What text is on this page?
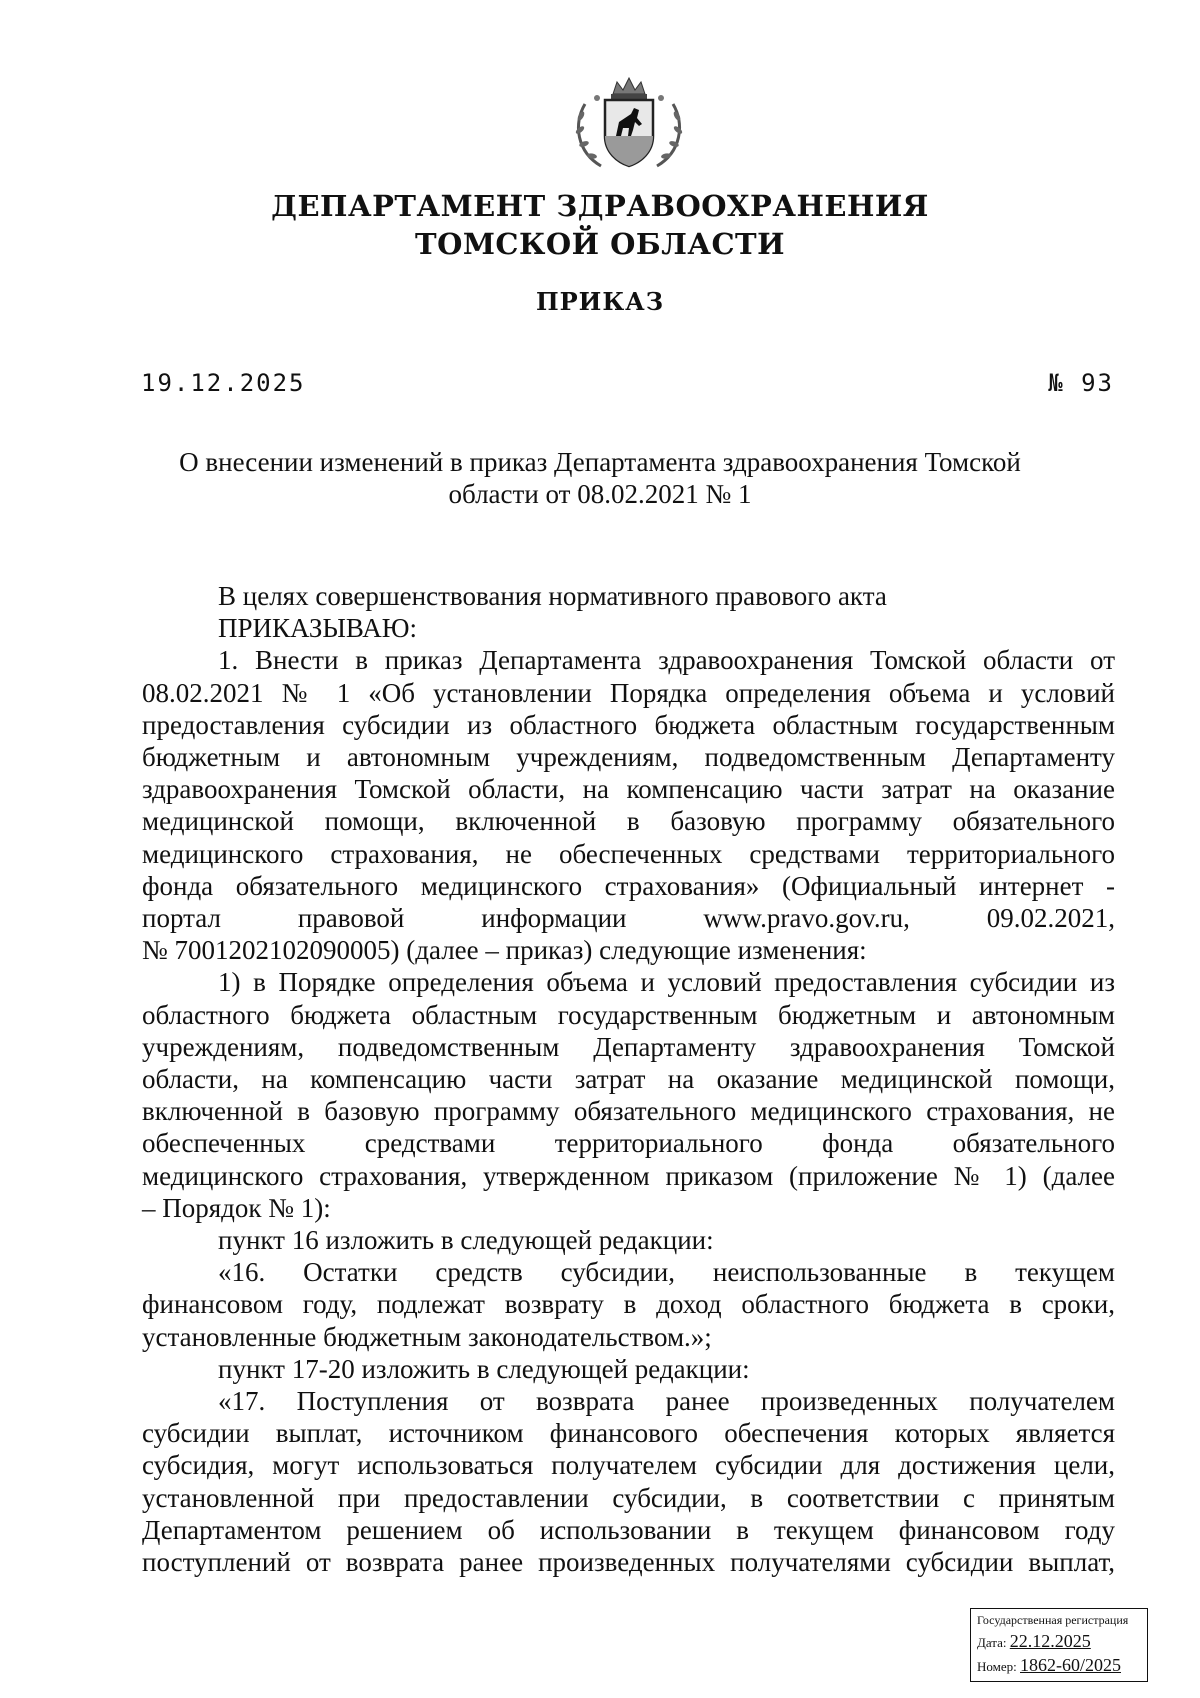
ДЕПАРТАМЕНТ ЗДРАВООХРАНЕНИЯ
ТОМСКОЙ ОБЛАСТИ
ПРИКАЗ
19.12.2025	№ 93
О внесении изменений в приказ Департамента здравоохранения Томской
области от 08.02.2021 № 1
В целях совершенствования нормативного правового акта
ПРИКАЗЫВАЮ:
1. Внести в приказ Департамента здравоохранения Томской области от
08.02.2021 № 1 «Об установлении Порядка определения объема и условий
предоставления субсидии из областного бюджета областным государственным
бюджетным и автономным учреждениям, подведомственным Департаменту
здравоохранения Томской области, на компенсацию части затрат на оказание
медицинской помощи, включенной в базовую программу обязательного
медицинского страхования, не обеспеченных средствами территориального
фонда обязательного медицинского страхования» (Официальный интернет -
портал правовой информации www.pravo.gov.ru, 09.02.2021,
№ 7001202102090005) (далее – приказ) следующие изменения:
1) в Порядке определения объема и условий предоставления субсидии из
областного бюджета областным государственным бюджетным и автономным
учреждениям, подведомственным Департаменту здравоохранения Томской
области, на компенсацию части затрат на оказание медицинской помощи,
включенной в базовую программу обязательного медицинского страхования, не
обеспеченных средствами территориального фонда обязательного
медицинского страхования, утвержденном приказом (приложение № 1) (далее
– Порядок № 1):
пункт 16 изложить в следующей редакции:
«16. Остатки средств субсидии, неиспользованные в текущем
финансовом году, подлежат возврату в доход областного бюджета в сроки,
установленные бюджетным законодательством.»;
пункт 17-20 изложить в следующей редакции:
«17. Поступления от возврата ранее произведенных получателем
субсидии выплат, источником финансового обеспечения которых является
субсидия, могут использоваться получателем субсидии для достижения цели,
установленной при предоставлении субсидии, в соответствии с принятым
Департаментом решением об использовании в текущем финансовом году
поступлений от возврата ранее произведенных получателями субсидии выплат,
Государственная регистрация
Дата: 22.12.2025
Номер: 1862-60/2025
